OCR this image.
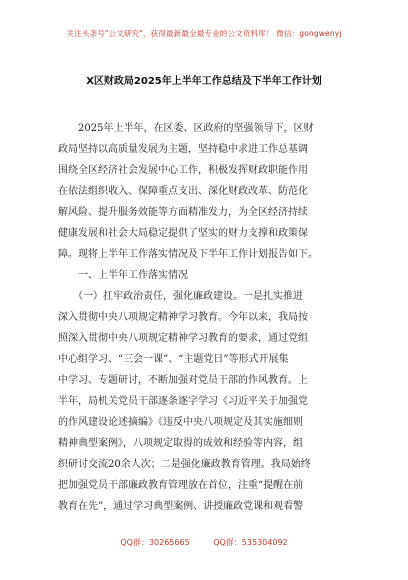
关注头条号"公文研究"，获得最新最全最专业的公文资料库！ 微信：gongwenyj
X区财政局2025年上半年工作总结及下半年工作计划
　　2025年上半年，在区委、区政府的坚强领导下，区财
政局坚持以高质量发展为主题，坚持稳中求进工作总基调
围绕全区经济社会发展中心工作，积极发挥财政职能作用
在依法组织收入、保障重点支出、深化财政改革、防范化
解风险、提升服务效能等方面精准发力，为全区经济持续
健康发展和社会大局稳定提供了坚实的财力支撑和政策保
障。现将上半年工作落实情况及下半年工作计划报告如下。
　　一、上半年工作落实情况
　　（一）扛牢政治责任，强化廉政建设。一是扎实推进
深入贯彻中央八项规定精神学习教育。今年以来，我局按
照深入贯彻中央八项规定精神学习教育的要求，通过党组
中心组学习、“三会一课”、“主题党日”等形式开展集
中学习、专题研讨，不断加强对党员干部的作风教育。上
半年，局机关党员干部逐条逐字学习《习近平关于加强党
的作风建设论述摘编》《违反中央八项规定及其实施细则
精神典型案例》，八项规定取得的成效和经验等内容，组
织研讨交流20余人次；二是强化廉政教育管理。我局始终
把加强党员干部廉政教育管理放在首位，注重“提醒在前
教育在先”，通过学习典型案例、讲授廉政党课和观看警
QQ群：30265665	QQ群：535304092
